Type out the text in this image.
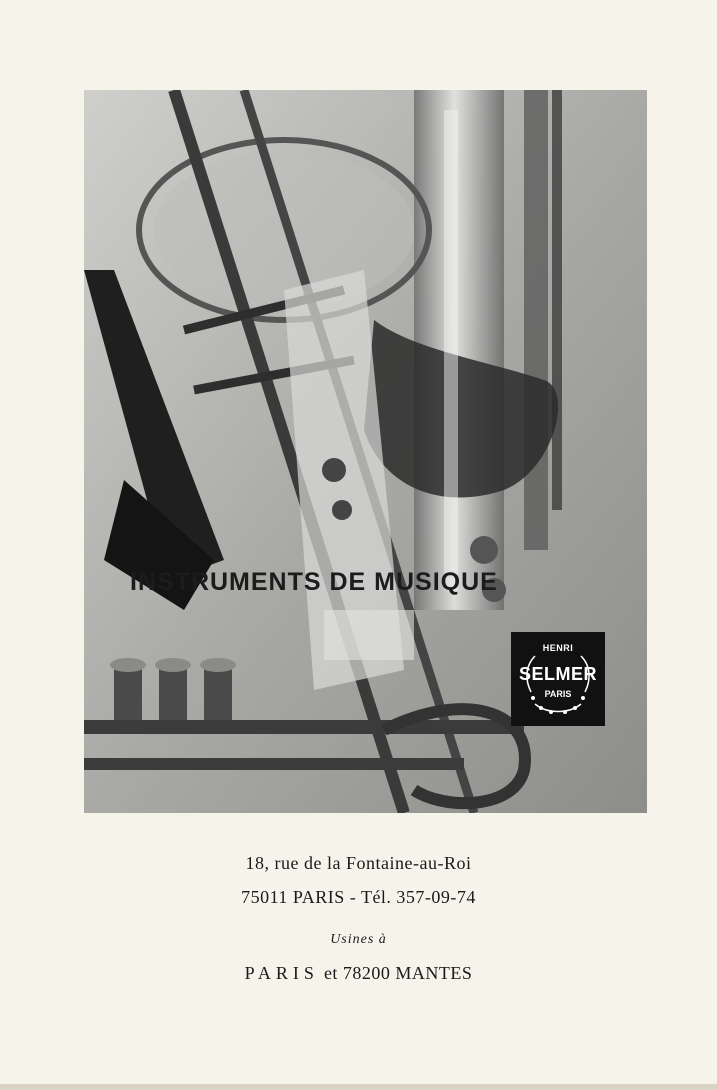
INSTRUMENTS DE MUSIQUE
HENRI
SELMER
PARIS
18, rue de la Fontaine-au-Roi
75011 PARIS - Tél. 357-09-74
Usines à
PARIS et 78200 MANTES
